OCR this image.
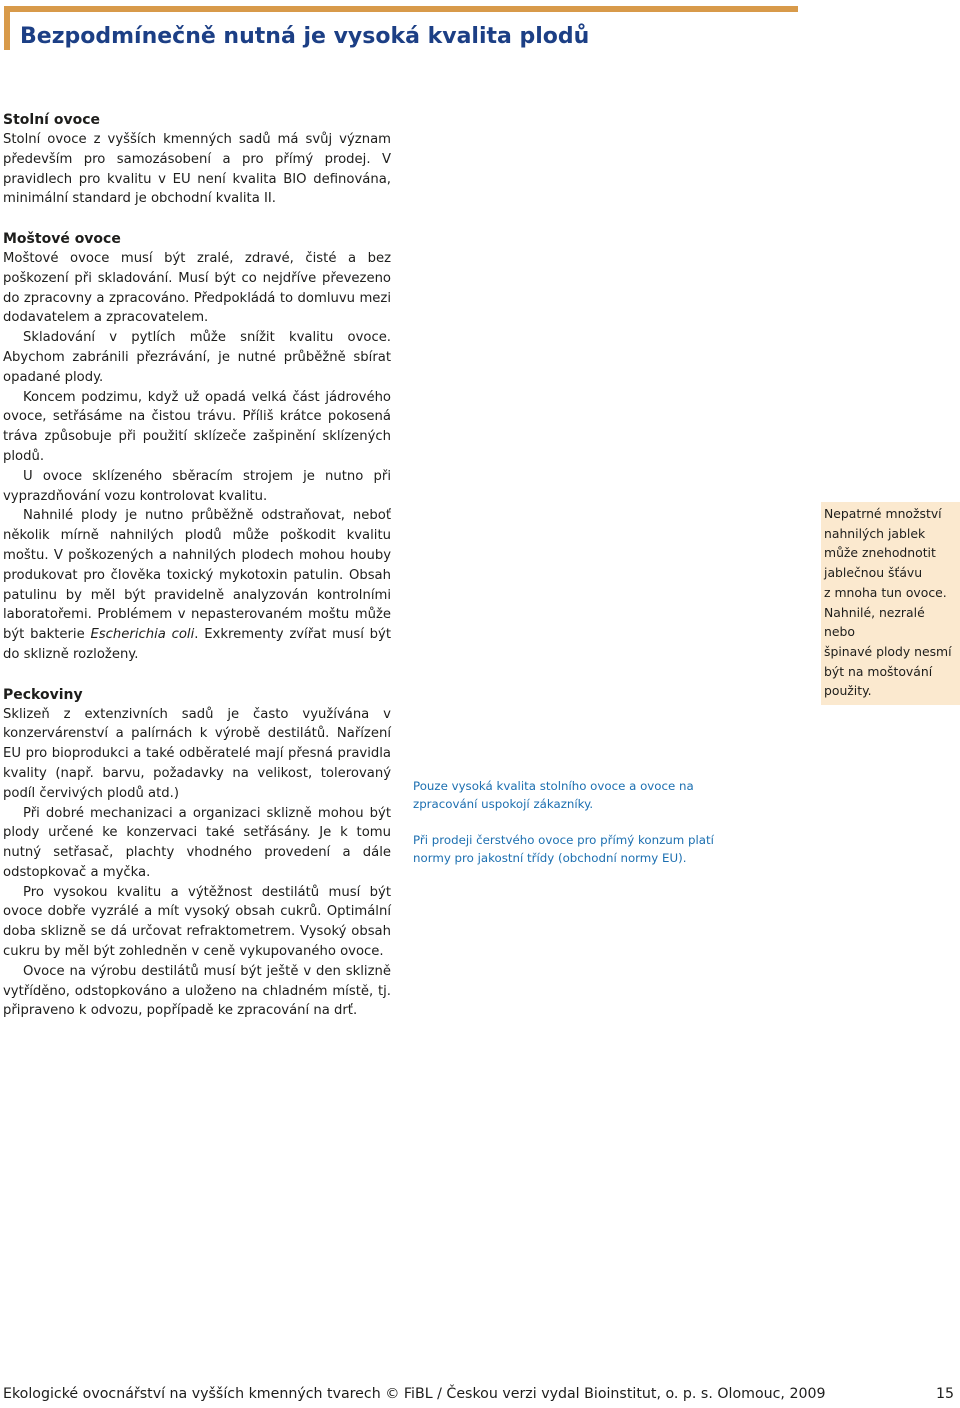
Bezpodmínečně nutná je vysoká kvalita plodů
Stolní ovoce

Stolní ovoce z vyšších kmenných sadů má svůj význam především pro samozásobení a pro přímý prodej. V pravidlech pro kvalitu v EU není kvalita BIO definována, minimální standard je obchodní kvalita II.

Moštové ovoce

Moštové ovoce musí být zralé, zdravé, čisté a bez poškození při skladování. Musí být co nejdříve převezeno do zpracovny a zpracováno. Předpokládá to domluvu mezi dodavatelem a zpracovatelem.

Skladování v pytlích může snížit kvalitu ovoce. Abychom zabránili přezrávání, je nutné průběžně sbírat opadané plody.

Koncem podzimu, když už opadá velká část jádrového ovoce, setřásáme na čistou trávu. Příliš krátce pokosená tráva způsobuje při použití sklízeče zašpinění sklízených plodů.

U ovoce sklízeného sběracím strojem je nutno při vyprazdňování vozu kontrolovat kvalitu.

Nahnilé plody je nutno průběžně odstraňovat, neboť několik mírně nahnilých plodů může poškodit kvalitu moštu. V poškozených a nahnilých plodech mohou houby produkovat pro člověka toxický mykotoxin patulin. Obsah patulinu by měl být pravidelně analyzován kontrolními laboratořemi. Problémem v nepasterovaném moštu může být bakterie Escherichia coli. Exkrementy zvířat musí být do sklizně rozloženy.

Peckoviny

Sklizeň z extenzivních sadů je často využívána v konzervárenství a palírnách k výrobě destilátů. Nařízení EU pro bioprodukci a také odběratelé mají přesná pravidla kvality (např. barvu, požadavky na velikost, tolerovaný podíl červivých plodů atd.)

Při dobré mechanizaci a organizaci sklizně mohou být plody určené ke konzervaci také setřásány. Je k tomu nutný setřasač, plachty vhodného provedení a dále odstopkovač a myčka.

Pro vysokou kvalitu a výtěžnost destilátů musí být ovoce dobře vyzrálé a mít vysoký obsah cukrů. Optimální doba sklizně se dá určovat refraktometrem. Vysoký obsah cukru by měl být zohledněn v ceně vykupovaného ovoce.

Ovoce na výrobu destilátů musí být ještě v den sklizně vytříděno, odstopkováno a uloženo na chladném místě, tj. připraveno k odvozu, popřípadě ke zpracování na drť.

Nepatrné množství

nahnilých jablek

může znehodnotit

jablečnou šťávu

z mnoha tun ovoce.

Nahnilé, nezralé nebo

špinavé plody nesmí

být na moštování

použity.

Pouze vysoká kvalita stolního ovoce a ovoce na zpracování uspokojí zákazníky.

Při prodeji čerstvého ovoce pro přímý konzum platí normy pro jakostní třídy (obchodní normy EU).

Ekologické ovocnářství na vyšších kmenných tvarech © FiBL / Českou verzi vydal Bioinstitut, o. p. s. Olomouc, 2009	15
